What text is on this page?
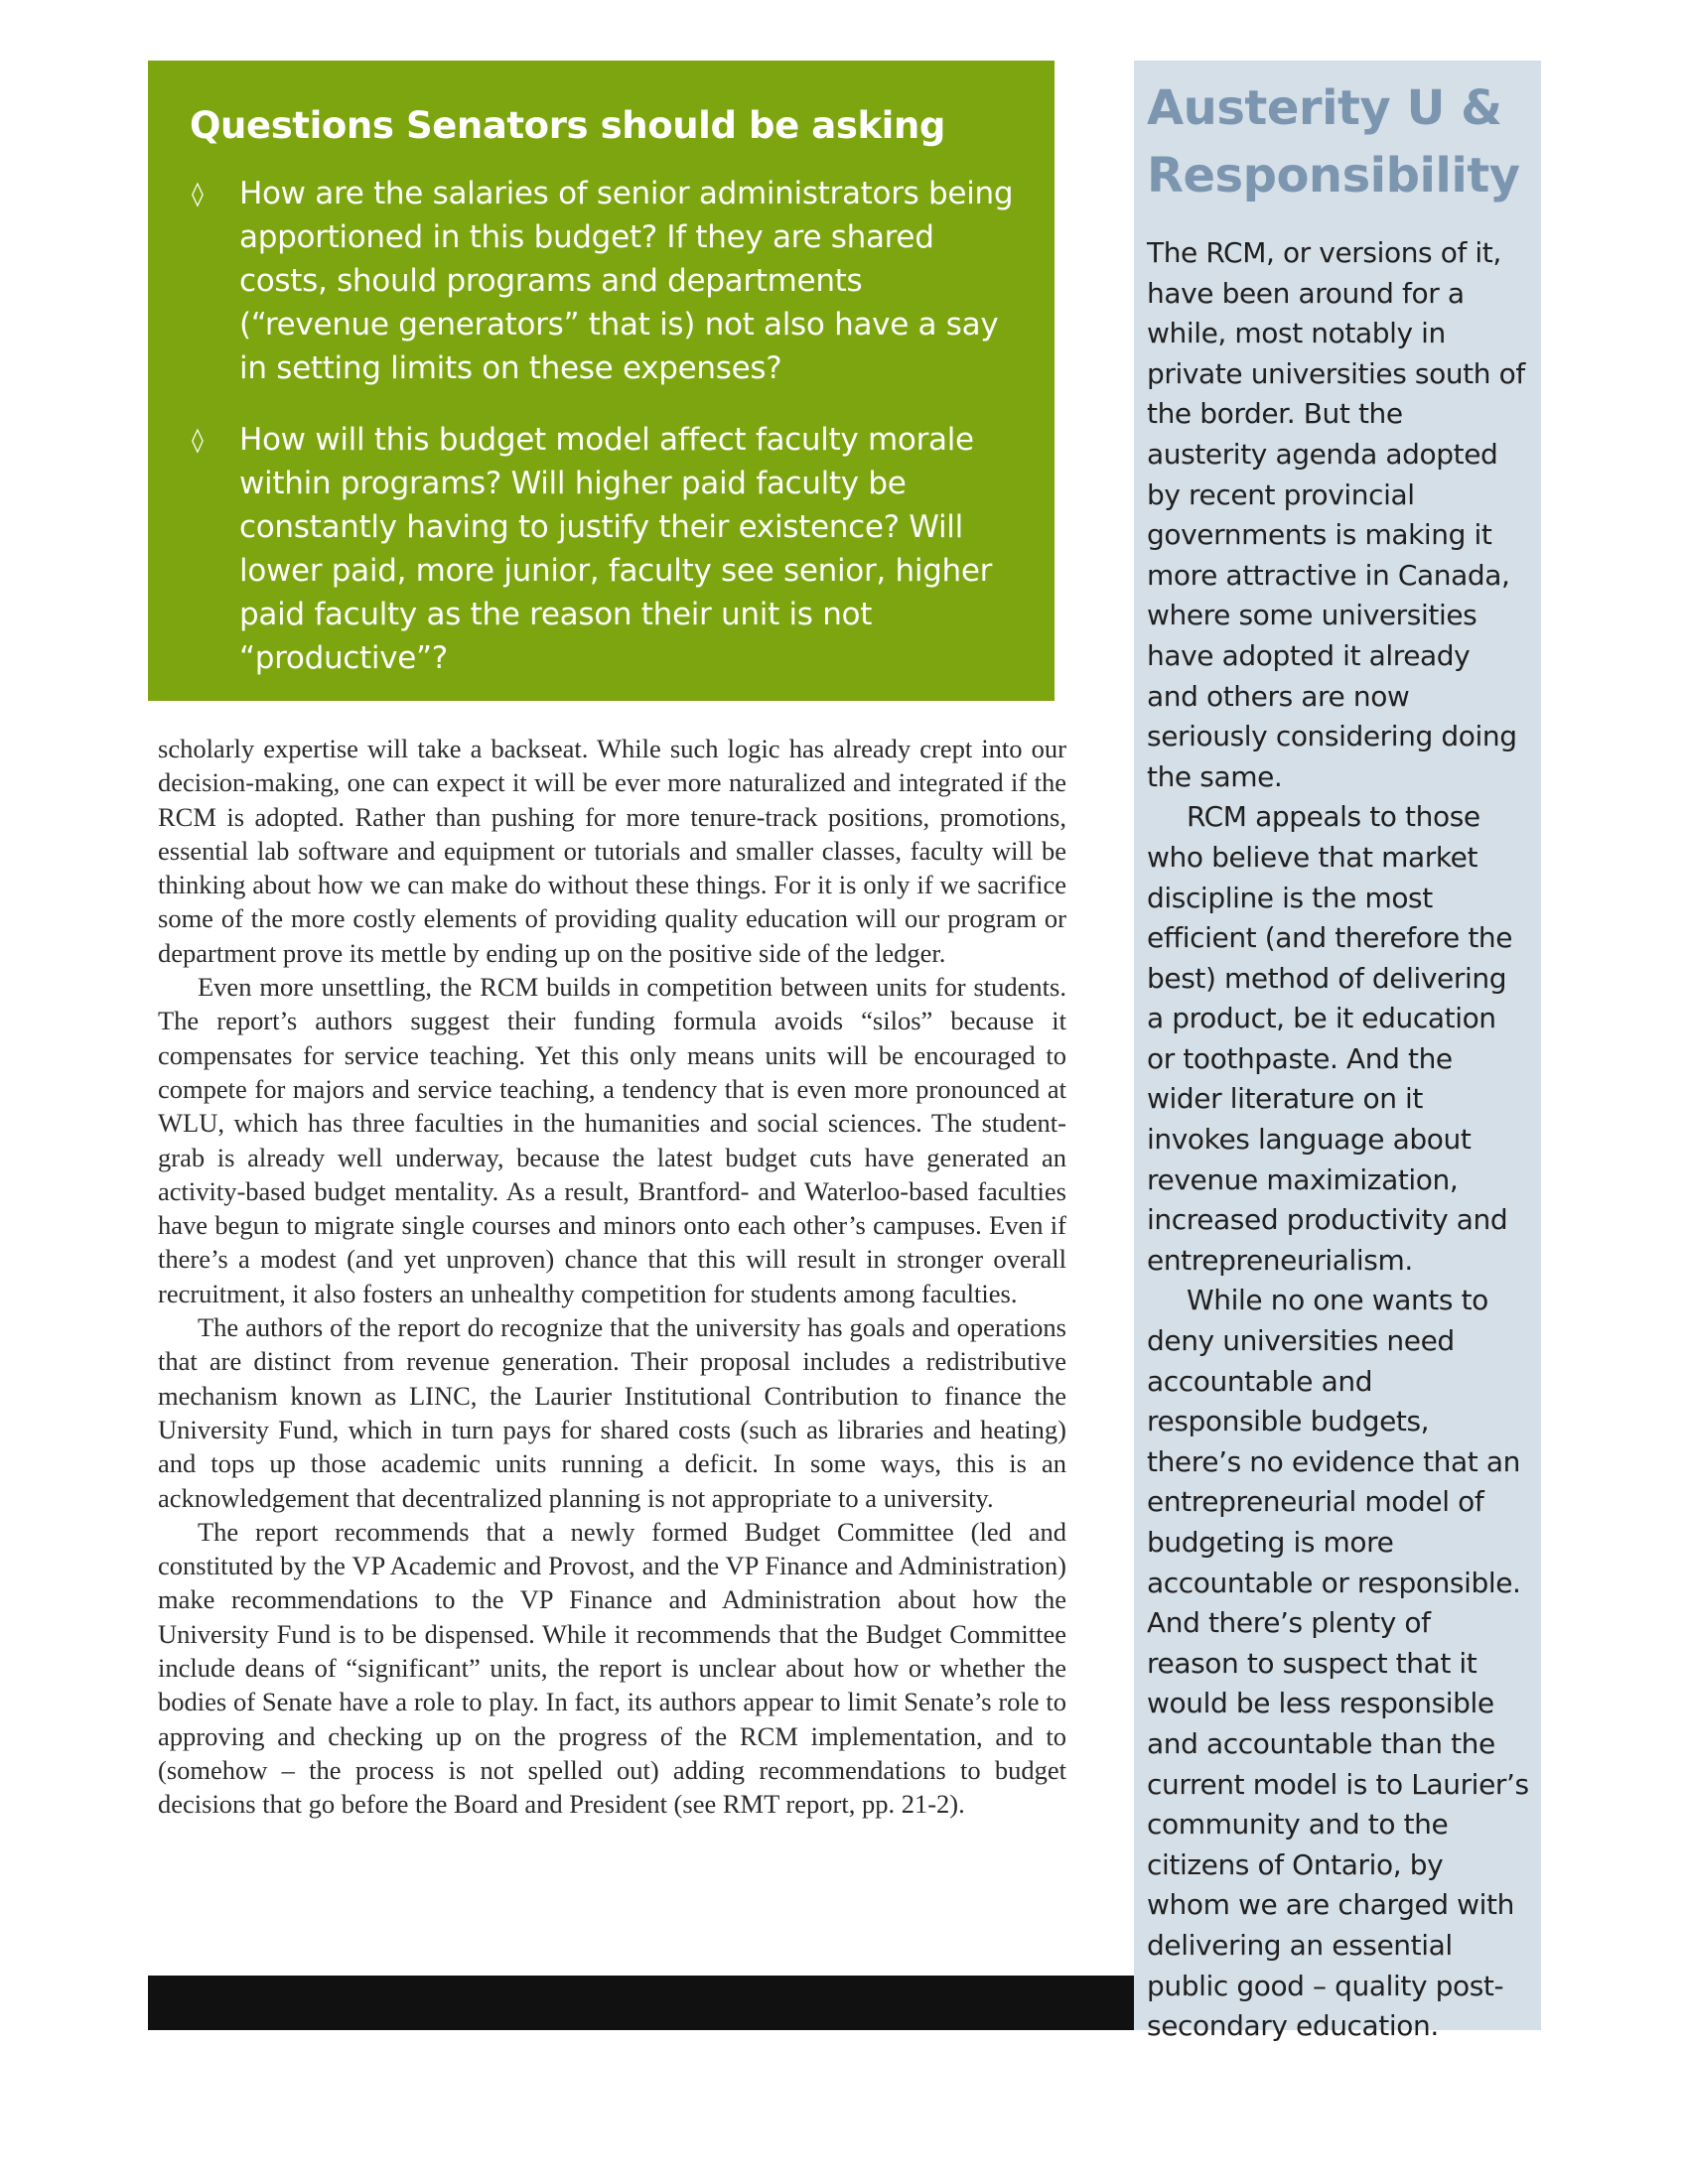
Questions Senators should be asking
◊ How are the salaries of senior administrators being apportioned in this budget? If they are shared costs, should programs and departments (“revenue generators” that is) not also have a say in setting limits on these expenses?
◊ How will this budget model affect faculty morale within programs? Will higher paid faculty be constantly having to justify their existence? Will lower paid, more junior, faculty see senior, higher paid faculty as the reason their unit is not “productive”?

scholarly expertise will take a backseat. While such logic has already crept into our decision-making, one can expect it will be ever more naturalized and integrated if the RCM is adopted. Rather than pushing for more tenure-track positions, promotions, essential lab software and equipment or tutorials and smaller classes, faculty will be thinking about how we can make do without these things. For it is only if we sacrifice some of the more costly elements of providing quality education will our program or department prove its mettle by ending up on the positive side of the ledger.

Even more unsettling, the RCM builds in competition between units for students. The report’s authors suggest their funding formula avoids “silos” because it compensates for service teaching. Yet this only means units will be encouraged to compete for majors and service teaching, a tendency that is even more pronounced at WLU, which has three faculties in the humanities and social sciences. The student-grab is already well underway, because the latest budget cuts have generated an activity-based budget mentality. As a result, Brantford- and Waterloo-based faculties have begun to migrate single courses and minors onto each other’s campuses. Even if there’s a modest (and yet unproven) chance that this will result in stronger overall recruitment, it also fosters an unhealthy competition for students among faculties.

The authors of the report do recognize that the university has goals and operations that are distinct from revenue generation. Their proposal includes a redistributive mechanism known as LINC, the Laurier Institutional Contribution to finance the University Fund, which in turn pays for shared costs (such as libraries and heating) and tops up those academic units running a deficit. In some ways, this is an acknowledgement that decentralized planning is not appropriate to a university.

The report recommends that a newly formed Budget Committee (led and constituted by the VP Academic and Provost, and the VP Finance and Administration) make recommendations to the VP Finance and Administration about how the University Fund is to be dispensed. While it recommends that the Budget Committee include deans of “significant” units, the report is unclear about how or whether the bodies of Senate have a role to play. In fact, its authors appear to limit Senate’s role to approving and checking up on the progress of the RCM implementation, and to (somehow – the process is not spelled out) adding recommendations to budget decisions that go before the Board and President (see RMT report, pp. 21-2).

Austerity U & Responsibility

The RCM, or versions of it, have been around for a while, most notably in private universities south of the border. But the austerity agenda adopted by recent provincial governments is making it more attractive in Canada, where some universities have adopted it already and others are now seriously considering doing the same.

RCM appeals to those who believe that market discipline is the most efficient (and therefore the best) method of delivering a product, be it education or toothpaste. And the wider literature on it invokes language about revenue maximization, increased productivity and entrepreneurialism.

While no one wants to deny universities need accountable and responsible budgets, there’s no evidence that an entrepreneurial model of budgeting is more accountable or responsible. And there’s plenty of reason to suspect that it would be less responsible and accountable than the current model is to Laurier’s community and to the citizens of Ontario, by whom we are charged with delivering an essential public good – quality post-secondary education.
